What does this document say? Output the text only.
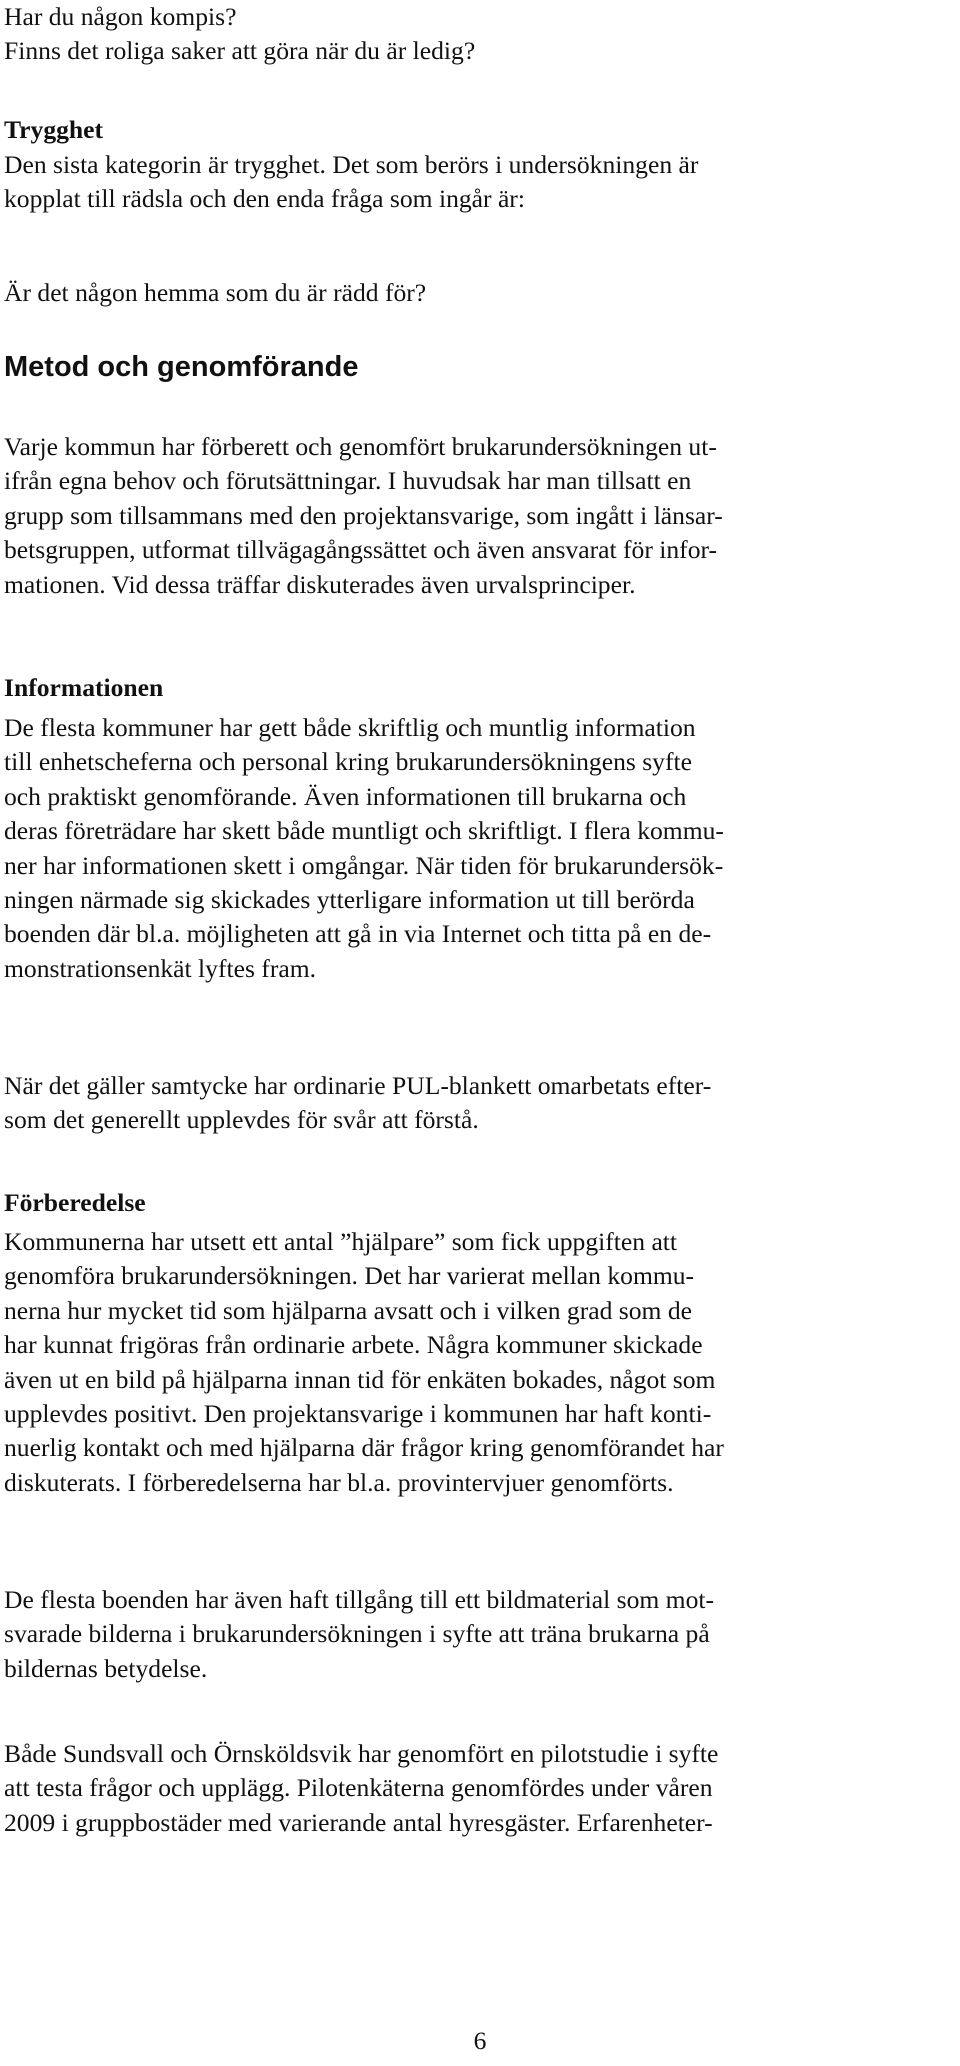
Har du någon kompis?
Finns det roliga saker att göra när du är ledig?

Trygghet

Den sista kategorin är trygghet. Det som berörs i undersökningen är
kopplat till rädsla och den enda fråga som ingår är:

Är det någon hemma som du är rädd för?

Metod och genomförande

Varje kommun har förberett och genomfört brukarundersökningen ut-
ifrån egna behov och förutsättningar. I huvudsak har man tillsatt en
grupp som tillsammans med den projektansvarige, som ingått i länsar-
betsgruppen, utformat tillvägagångssättet och även ansvarat för infor-
mationen. Vid dessa träffar diskuterades även urvalsprinciper.

Informationen

De flesta kommuner har gett både skriftlig och muntlig information
till enhetscheferna och personal kring brukarundersökningens syfte
och praktiskt genomförande. Även informationen till brukarna och
deras företrädare har skett både muntligt och skriftligt. I flera kommu-
ner har informationen skett i omgångar. När tiden för brukarundersök-
ningen närmade sig skickades ytterligare information ut till berörda
boenden där bl.a. möjligheten att gå in via Internet och titta på en de-
monstrationsenkät lyftes fram.

När det gäller samtycke har ordinarie PUL-blankett omarbetats efter-
som det generellt upplevdes för svår att förstå.

Förberedelse

Kommunerna har utsett ett antal ”hjälpare” som fick uppgiften att
genomföra brukarundersökningen. Det har varierat mellan kommu-
nerna hur mycket tid som hjälparna avsatt och i vilken grad som de
har kunnat frigöras från ordinarie arbete. Några kommuner skickade
även ut en bild på hjälparna innan tid för enkäten bokades, något som
upplevdes positivt. Den projektansvarige i kommunen har haft konti-
nuerlig kontakt och med hjälparna där frågor kring genomförandet har
diskuterats. I förberedelserna har bl.a. provintervjuer genomförts.

De flesta boenden har även haft tillgång till ett bildmaterial som mot-
svarade bilderna i brukarundersökningen i syfte att träna brukarna på
bildernas betydelse.

Både Sundsvall och Örnsköldsvik har genomfört en pilotstudie i syfte
att testa frågor och upplägg. Pilotenkäterna genomfördes under våren
2009 i gruppbostäder med varierande antal hyresgäster. Erfarenheter-

6
